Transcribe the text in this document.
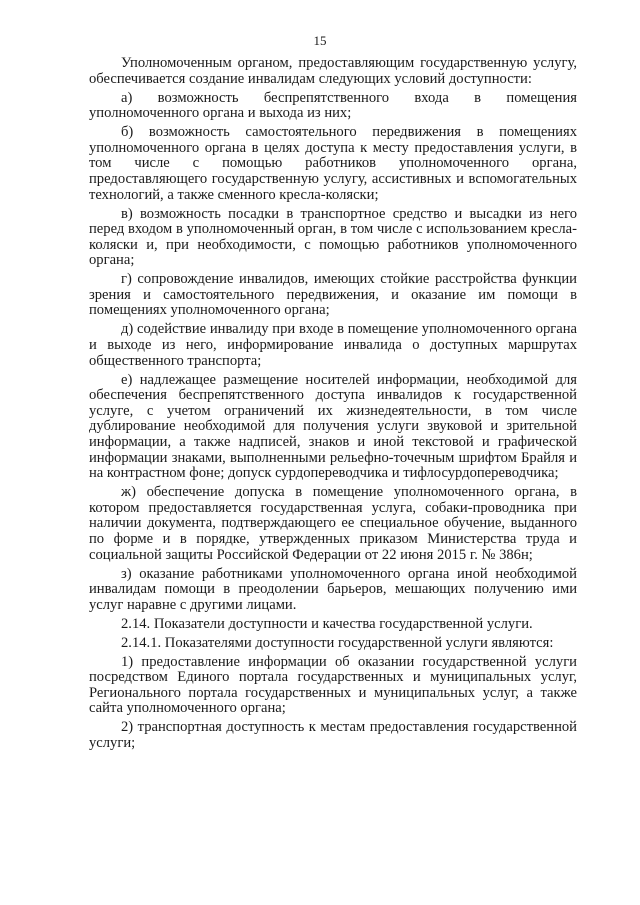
15

Уполномоченным органом, предоставляющим государственную услугу, обеспечивается создание инвалидам следующих условий доступности:

а) возможность беспрепятственного входа в помещения уполномоченного органа и выхода из них;

б) возможность самостоятельного передвижения в помещениях уполномоченного органа в целях доступа к месту предоставления услуги, в том числе с помощью работников уполномоченного органа, предоставляющего государственную услугу, ассистивных и вспомогательных технологий, а также сменного кресла-коляски;

в) возможность посадки в транспортное средство и высадки из него перед входом в уполномоченный орган, в том числе с использованием кресла-коляски и, при необходимости, с помощью работников уполномоченного органа;

г) сопровождение инвалидов, имеющих стойкие расстройства функции зрения и самостоятельного передвижения, и оказание им помощи в помещениях уполномоченного органа;

д) содействие инвалиду при входе в помещение уполномоченного органа и выходе из него, информирование инвалида о доступных маршрутах общественного транспорта;

е) надлежащее размещение носителей информации, необходимой для обеспечения беспрепятственного доступа инвалидов к государственной услуге, с учетом ограничений их жизнедеятельности, в том числе дублирование необходимой для получения услуги звуковой и зрительной информации, а также надписей, знаков и иной текстовой и графической информации знаками, выполненными рельефно-точечным шрифтом Брайля и на контрастном фоне; допуск сурдопереводчика и тифлосурдопереводчика;

ж) обеспечение допуска в помещение уполномоченного органа, в котором предоставляется государственная услуга, собаки-проводника при наличии документа, подтверждающего ее специальное обучение, выданного по форме и в порядке, утвержденных приказом Министерства труда и социальной защиты Российской Федерации от 22 июня 2015 г. № 386н;

з) оказание работниками уполномоченного органа иной необходимой инвалидам помощи в преодолении барьеров, мешающих получению ими услуг наравне с другими лицами.

2.14. Показатели доступности и качества государственной услуги.

2.14.1. Показателями доступности государственной услуги являются:

1) предоставление информации об оказании государственной услуги посредством Единого портала государственных и муниципальных услуг, Регионального портала государственных и муниципальных услуг, а также сайта уполномоченного органа;

2) транспортная доступность к местам предоставления государственной услуги;
